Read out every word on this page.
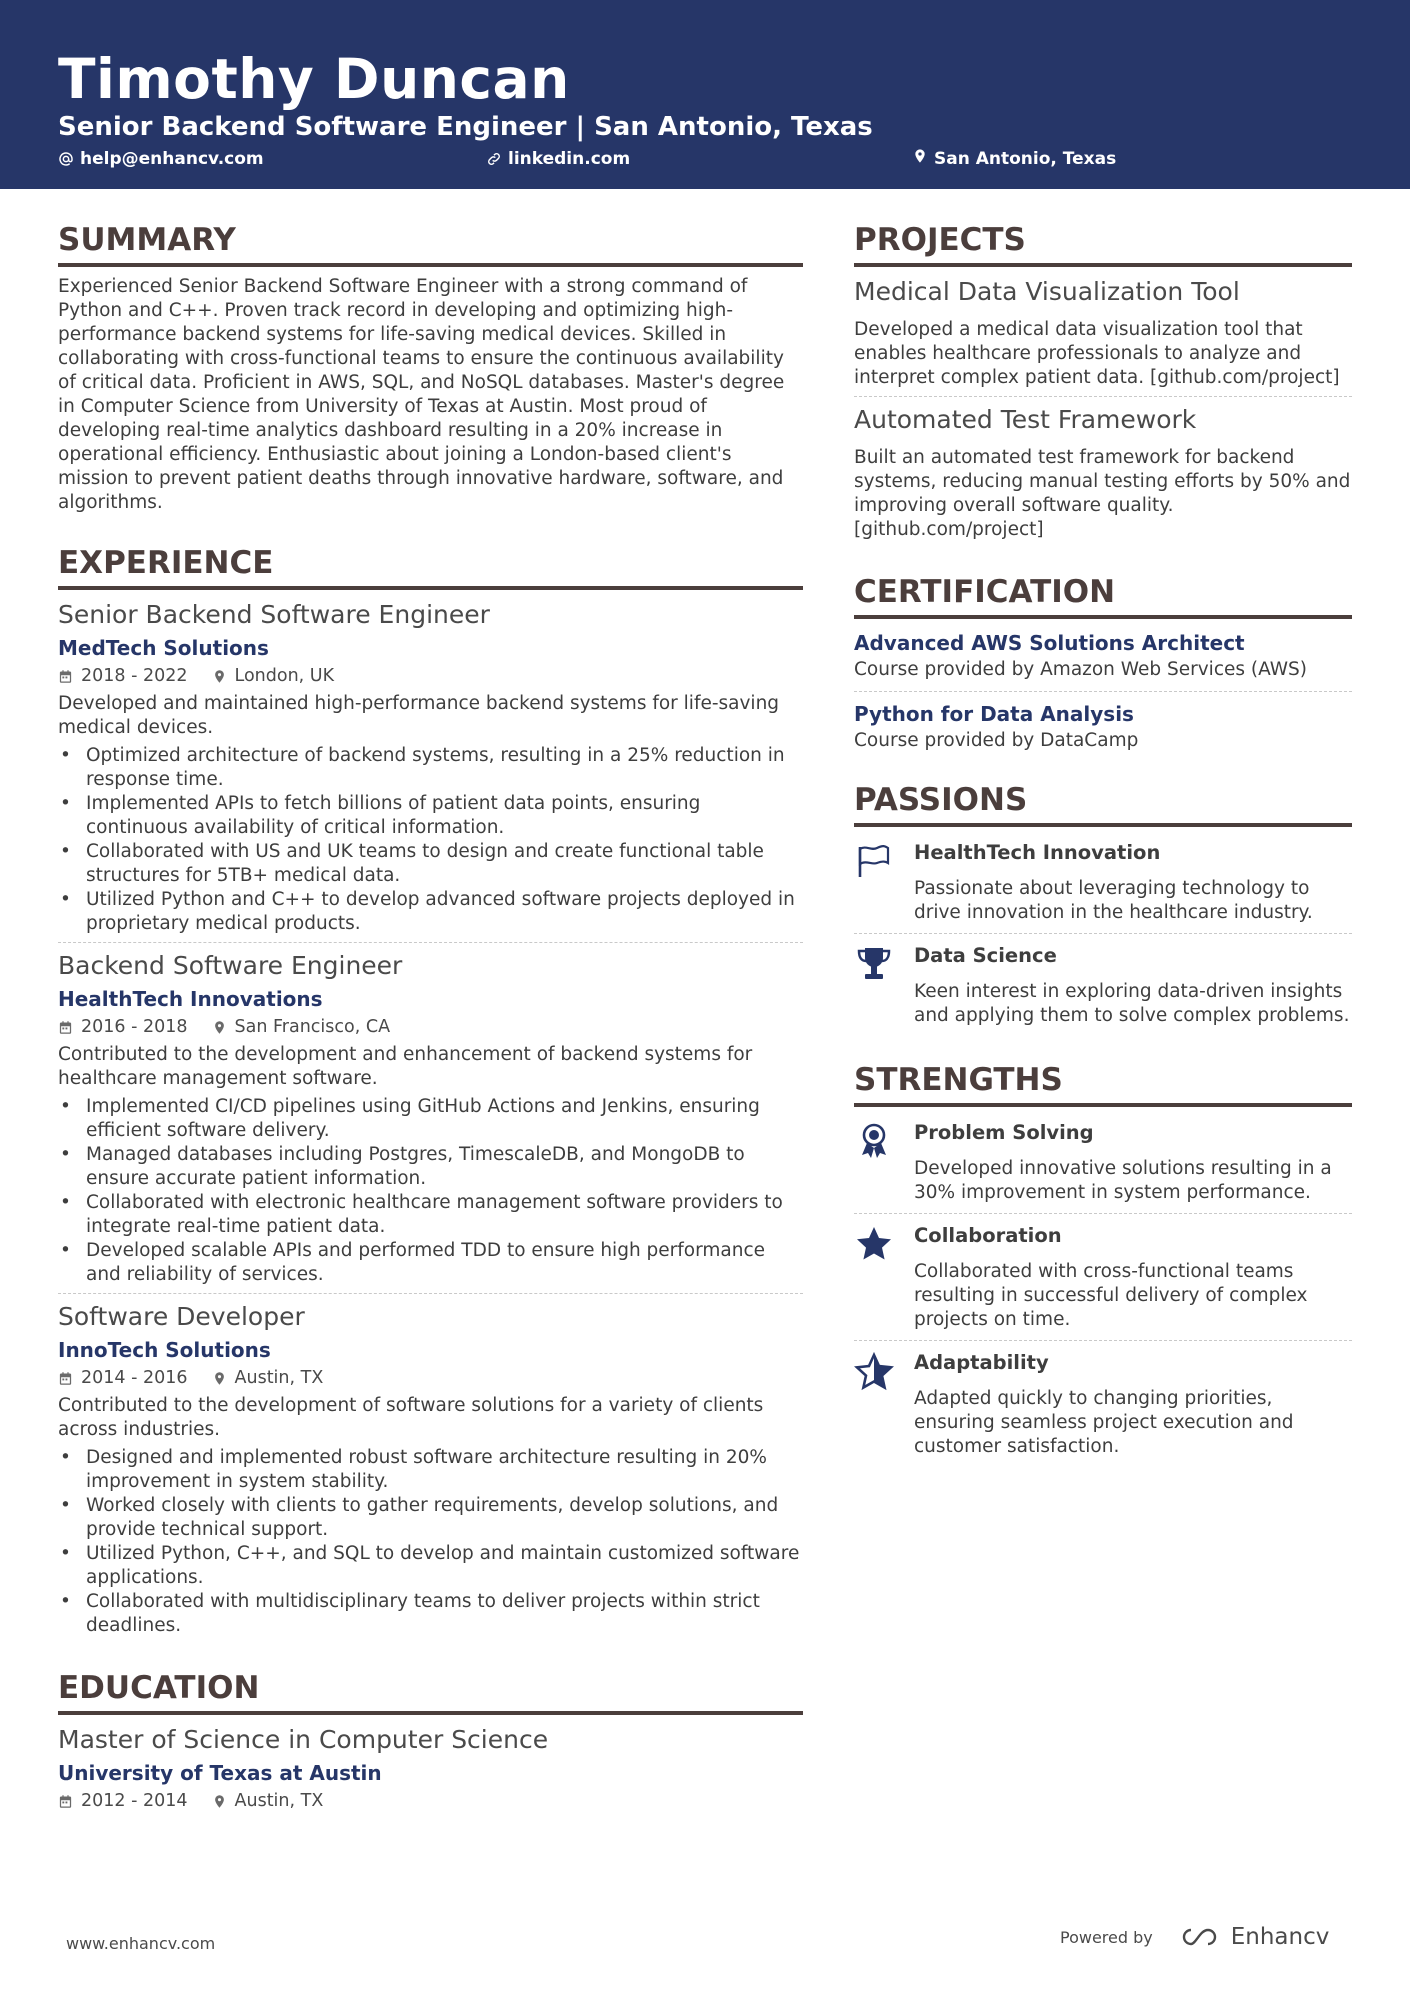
Timothy Duncan
Senior Backend Software Engineer | San Antonio, Texas
help@enhancv.com	linkedin.com	San Antonio, Texas
SUMMARY
Experienced Senior Backend Software Engineer with a strong command of Python and C++. Proven track record in developing and optimizing high-performance backend systems for life-saving medical devices. Skilled in collaborating with cross-functional teams to ensure the continuous availability of critical data. Proficient in AWS, SQL, and NoSQL databases. Master's degree in Computer Science from University of Texas at Austin. Most proud of developing real-time analytics dashboard resulting in a 20% increase in operational efficiency. Enthusiastic about joining a London-based client's mission to prevent patient deaths through innovative hardware, software, and algorithms.
EXPERIENCE
Senior Backend Software Engineer
MedTech Solutions
2018 - 2022	London, UK
Developed and maintained high-performance backend systems for life-saving medical devices.
• Optimized architecture of backend systems, resulting in a 25% reduction in response time.
• Implemented APIs to fetch billions of patient data points, ensuring continuous availability of critical information.
• Collaborated with US and UK teams to design and create functional table structures for 5TB+ medical data.
• Utilized Python and C++ to develop advanced software projects deployed in proprietary medical products.
Backend Software Engineer
HealthTech Innovations
2016 - 2018	San Francisco, CA
Contributed to the development and enhancement of backend systems for healthcare management software.
• Implemented CI/CD pipelines using GitHub Actions and Jenkins, ensuring efficient software delivery.
• Managed databases including Postgres, TimescaleDB, and MongoDB to ensure accurate patient information.
• Collaborated with electronic healthcare management software providers to integrate real-time patient data.
• Developed scalable APIs and performed TDD to ensure high performance and reliability of services.
Software Developer
InnoTech Solutions
2014 - 2016	Austin, TX
Contributed to the development of software solutions for a variety of clients across industries.
• Designed and implemented robust software architecture resulting in 20% improvement in system stability.
• Worked closely with clients to gather requirements, develop solutions, and provide technical support.
• Utilized Python, C++, and SQL to develop and maintain customized software applications.
• Collaborated with multidisciplinary teams to deliver projects within strict deadlines.
EDUCATION
Master of Science in Computer Science
University of Texas at Austin
2012 - 2014	Austin, TX
PROJECTS
Medical Data Visualization Tool
Developed a medical data visualization tool that enables healthcare professionals to analyze and interpret complex patient data. [github.com/project]
Automated Test Framework
Built an automated test framework for backend systems, reducing manual testing efforts by 50% and improving overall software quality. [github.com/project]
CERTIFICATION
Advanced AWS Solutions Architect
Course provided by Amazon Web Services (AWS)
Python for Data Analysis
Course provided by DataCamp
PASSIONS
HealthTech Innovation
Passionate about leveraging technology to drive innovation in the healthcare industry.
Data Science
Keen interest in exploring data-driven insights and applying them to solve complex problems.
STRENGTHS
Problem Solving
Developed innovative solutions resulting in a 30% improvement in system performance.
Collaboration
Collaborated with cross-functional teams resulting in successful delivery of complex projects on time.
Adaptability
Adapted quickly to changing priorities, ensuring seamless project execution and customer satisfaction.
www.enhancv.com	Powered by	Enhancv
